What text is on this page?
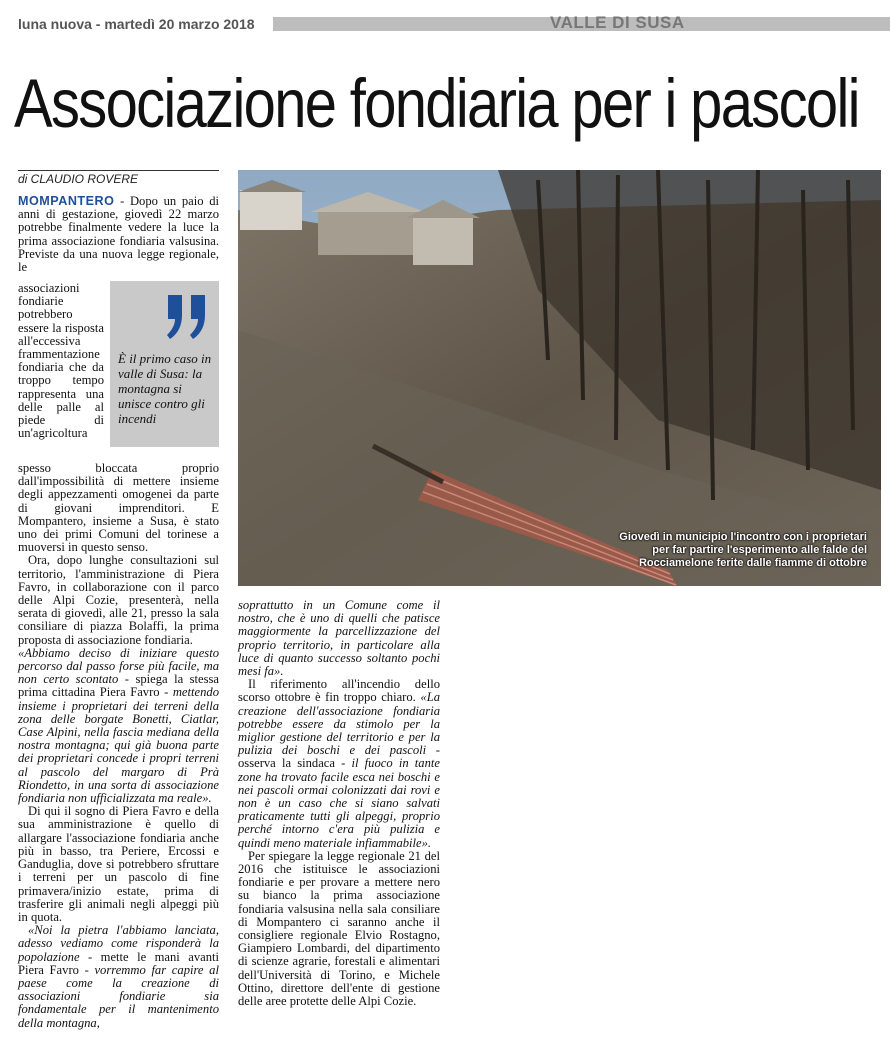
luna nuova - martedì 20 marzo 2018	VALLE DI SUSA
Associazione fondiaria per i pascoli
di CLAUDIO ROVERE

MOMPANTERO - Dopo un paio di anni di gestazione, giovedì 22 marzo potrebbe finalmente vedere la luce la prima associazione fondiaria valsusina. Previste da una nuova legge regionale, le

associazioni fondiarie potrebbero essere la risposta all'eccessiva frammentazione fondiaria che da troppo tempo rappresenta una delle palle al piede di un'agricoltura

È il primo caso in valle di Susa: la montagna si unisce contro gli incendi

spesso bloccata proprio dall'impossibilità di mettere insieme degli appezzamenti omogenei da parte di giovani imprenditori. E Mompantero, insieme a Susa, è stato uno dei primi Comuni del torinese a muoversi in questo senso.

Ora, dopo lunghe consultazioni sul territorio, l'amministrazione di Piera Favro, in collaborazione con il parco delle Alpi Cozie, presenterà, nella serata di giovedì, alle 21, presso la sala consiliare di piazza Bolaffi, la prima proposta di associazione fondiaria.

«Abbiamo deciso di iniziare questo percorso dal passo forse più facile, ma non certo scontato - spiega la stessa prima cittadina Piera Favro - mettendo insieme i proprietari dei terreni della zona delle borgate Bonetti, Ciatlar, Case Alpini, nella fascia mediana della nostra montagna; qui già buona parte dei proprietari concede i propri terreni al pascolo del margaro di Prà Riondetto, in una sorta di associazione fondiaria non ufficializzata ma reale».

Di qui il sogno di Piera Favro e della sua amministrazione è quello di allargare l'associazione fondiaria anche più in basso, tra Periere, Ercossi e Ganduglia, dove si potrebbero sfruttare i terreni per un pascolo di fine primavera/inizio estate, prima di trasferire gli animali negli alpeggi più in quota.

«Noi la pietra l'abbiamo lanciata, adesso vediamo come risponderà la popolazione - mette le mani avanti Piera Favro - vorremmo far capire al paese come la creazione di associazioni fondiarie sia fondamentale per il mantenimento della montagna,

Giovedì in municipio l'incontro con i proprietari per far partire l'esperimento alle falde del Rocciamelone ferite dalle fiamme di ottobre

soprattutto in un Comune come il nostro, che è uno di quelli che patisce maggiormente la parcellizzazione del proprio territorio, in particolare alla luce di quanto successo soltanto pochi mesi fa».

Il riferimento all'incendio dello scorso ottobre è fin troppo chiaro. «La creazione dell'associazione fondiaria potrebbe essere da stimolo per la miglior gestione del territorio e per la pulizia dei boschi e dei pascoli - osserva la sindaca - il fuoco in tante zone ha trovato facile esca nei boschi e nei pascoli ormai colonizzati dai rovi e non è un caso che si siano salvati praticamente tutti gli alpeggi, proprio perché intorno c'era più pulizia e quindi meno materiale infiammabile».

Per spiegare la legge regionale 21 del 2016 che istituisce le associazioni fondiarie e per provare a mettere nero su bianco la prima associazione fondiaria valsusina nella sala consiliare di Mompantero ci saranno anche il consigliere regionale Elvio Rostagno, Giampiero Lombardi, del dipartimento di scienze agrarie, forestali e alimentari dell'Università di Torino, e Michele Ottino, direttore dell'ente di gestione delle aree protette delle Alpi Cozie.
